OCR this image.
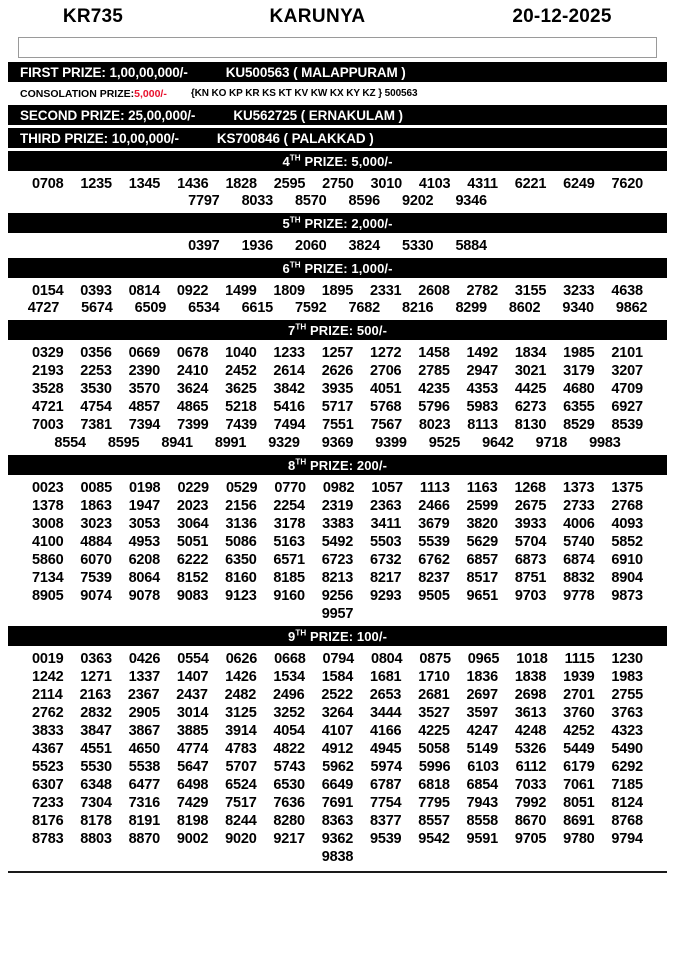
KR735	KARUNYA	20-12-2025
FIRST PRIZE: 1,00,00,000/-	KU500563 ( MALAPPURAM )
CONSOLATION PRIZE: 5,000/- {KN KO KP KR KS KT KV KW KX KY KZ } 500563
SECOND PRIZE: 25,00,000/-	KU562725 ( ERNAKULAM )
THIRD PRIZE: 10,00,000/-	KS700846 ( PALAKKAD )
4TH PRIZE: 5,000/-
0708 1235 1345 1436 1828 2595 2750 3010 4103 4311 6221 6249 7620
7797 8033 8570 8596 9202 9346
5TH PRIZE: 2,000/-
0397 1936 2060 3824 5330 5884
6TH PRIZE: 1,000/-
0154 0393 0814 0922 1499 1809 1895 2331 2608 2782 3155 3233 4638
4727 5674 6509 6534 6615 7592 7682 8216 8299 8602 9340 9862
7TH PRIZE: 500/-
0329 0356 0669 0678 1040 1233 1257 1272 1458 1492 1834 1985 2101
2193 2253 2390 2410 2452 2614 2626 2706 2785 2947 3021 3179 3207
3528 3530 3570 3624 3625 3842 3935 4051 4235 4353 4425 4680 4709
4721 4754 4857 4865 5218 5416 5717 5768 5796 5983 6273 6355 6927
7003 7381 7394 7399 7439 7494 7551 7567 8023 8113 8130 8529 8539
8554 8595 8941 8991 9329 9369 9399 9525 9642 9718 9983
8TH PRIZE: 200/-
0023 0085 0198 0229 0529 0770 0982 1057 1113 1163 1268 1373 1375
1378 1863 1947 2023 2156 2254 2319 2363 2466 2599 2675 2733 2768
3008 3023 3053 3064 3136 3178 3383 3411 3679 3820 3933 4006 4093
4100 4884 4953 5051 5086 5163 5492 5503 5539 5629 5704 5740 5852
5860 6070 6208 6222 6350 6571 6723 6732 6762 6857 6873 6874 6910
7134 7539 8064 8152 8160 8185 8213 8217 8237 8517 8751 8832 8904
8905 9074 9078 9083 9123 9160 9256 9293 9505 9651 9703 9778 9873
9957
9TH PRIZE: 100/-
0019 0363 0426 0554 0626 0668 0794 0804 0875 0965 1018 1115 1230
1242 1271 1337 1407 1426 1534 1584 1681 1710 1836 1838 1939 1983
2114 2163 2367 2437 2482 2496 2522 2653 2681 2697 2698 2701 2755
2762 2832 2905 3014 3125 3252 3264 3444 3527 3597 3613 3760 3763
3833 3847 3867 3885 3914 4054 4107 4166 4225 4247 4248 4252 4323
4367 4551 4650 4774 4783 4822 4912 4945 5058 5149 5326 5449 5490
5523 5530 5538 5647 5707 5743 5962 5974 5996 6103 6112 6179 6292
6307 6348 6477 6498 6524 6530 6649 6787 6818 6854 7033 7061 7185
7233 7304 7316 7429 7517 7636 7691 7754 7795 7943 7992 8051 8124
8176 8178 8191 8198 8244 8280 8363 8377 8557 8558 8670 8691 8768
8783 8803 8870 9002 9020 9217 9362 9539 9542 9591 9705 9780 9794
9838
